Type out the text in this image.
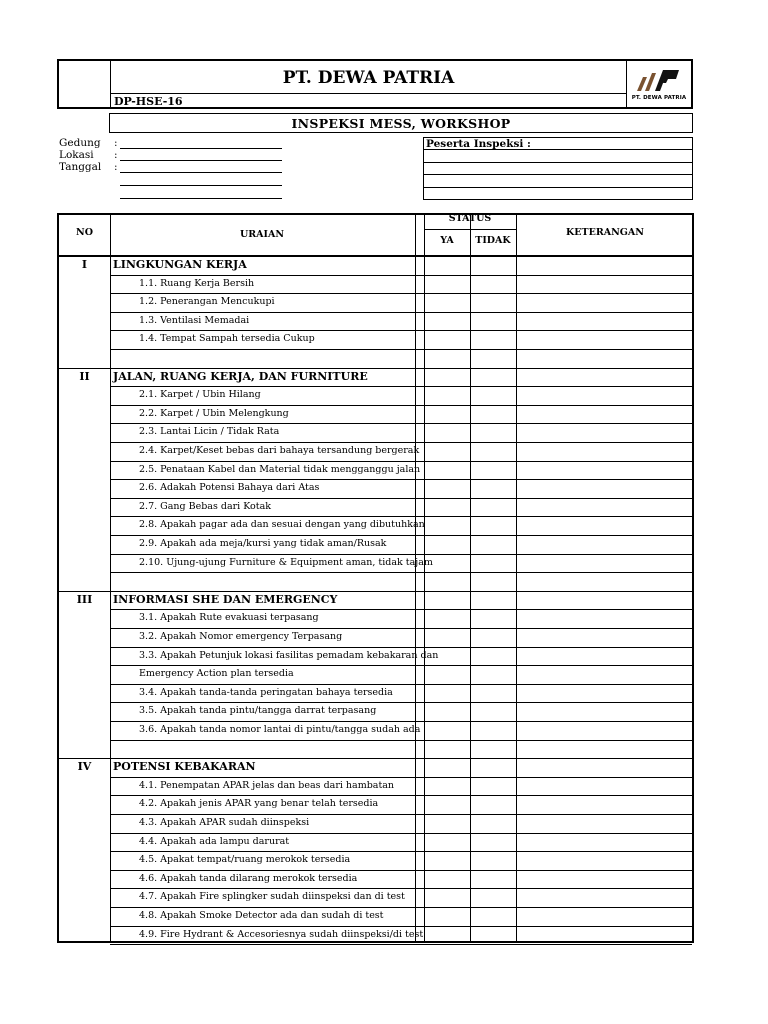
PT. DEWA PATRIA
DP-HSE-16	PT. DEWA PATRIA
INSPEKSI MESS, WORKSHOP
Gedung
Lokasi
Tanggal
:
:
:
Peserta Inspeksi :
NO	URAIAN
STATUS
YA	TIDAK
KETERANGAN
I	LINGKUNGAN KERJA
1.1. Ruang Kerja Bersih
1.2. Penerangan Mencukupi
1.3. Ventilasi Memadai
1.4. Tempat Sampah tersedia Cukup
II	JALAN, RUANG KERJA, DAN FURNITURE
2.1. Karpet / Ubin Hilang
2.2. Karpet / Ubin Melengkung
2.3. Lantai Licin / Tidak Rata
2.4. Karpet/Keset bebas dari bahaya tersandung bergerak
2.5. Penataan Kabel dan Material tidak mengganggu jalan
2.6. Adakah Potensi Bahaya dari Atas
2.7. Gang Bebas dari Kotak
2.8. Apakah pagar ada dan sesuai dengan yang dibutuhkan
2.9. Apakah ada meja/kursi yang tidak aman/Rusak
2.10. Ujung-ujung Furniture & Equipment aman, tidak tajam
III	INFORMASI SHE DAN EMERGENCY
3.1. Apakah Rute evakuasi terpasang
3.2. Apakah Nomor emergency Terpasang
3.3. Apakah Petunjuk lokasi fasilitas pemadam kebakaran dan
Emergency Action plan tersedia
3.4. Apakah tanda-tanda peringatan bahaya tersedia
3.5. Apakah tanda pintu/tangga darrat terpasang
3.6. Apakah tanda nomor lantai di pintu/tangga sudah ada
IV	POTENSI KEBAKARAN
4.1. Penempatan APAR jelas dan beas dari hambatan
4.2. Apakah jenis APAR yang benar telah tersedia
4.3. Apakah APAR sudah diinspeksi
4.4. Apakah ada lampu darurat
4.5. Apakat tempat/ruang merokok tersedia
4.6. Apakah tanda dilarang merokok tersedia
4.7. Apakah Fire splingker sudah diinspeksi dan di test
4.8. Apakah Smoke Detector ada dan sudah di test
4.9. Fire Hydrant & Accesoriesnya sudah diinspeksi/di test
